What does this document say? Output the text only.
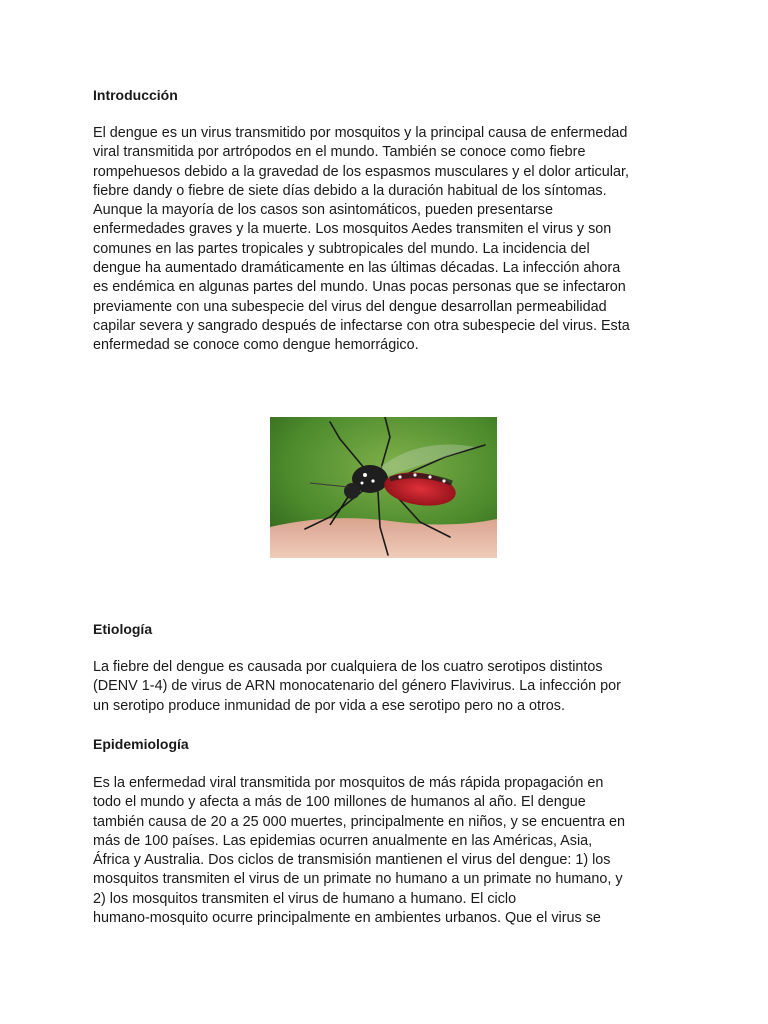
Introducción
El dengue es un virus transmitido por mosquitos y la principal causa de enfermedad
viral transmitida por artrópodos en el mundo. También se conoce como fiebre
rompehuesos debido a la gravedad de los espasmos musculares y el dolor articular,
fiebre dandy o fiebre de siete días debido a la duración habitual de los síntomas.
Aunque la mayoría de los casos son asintomáticos, pueden presentarse
enfermedades graves y la muerte. Los mosquitos Aedes transmiten el virus y son
comunes en las partes tropicales y subtropicales del mundo. La incidencia del
dengue ha aumentado dramáticamente en las últimas décadas. La infección ahora
es endémica en algunas partes del mundo. Unas pocas personas que se infectaron
previamente con una subespecie del virus del dengue desarrollan permeabilidad
capilar severa y sangrado después de infectarse con otra subespecie del virus. Esta
enfermedad se conoce como dengue hemorrágico.
Etiología
La fiebre del dengue es causada por cualquiera de los cuatro serotipos distintos
(DENV 1-4) de virus de ARN monocatenario del género Flavivirus. La infección por
un serotipo produce inmunidad de por vida a ese serotipo pero no a otros.
Epidemiología
Es la enfermedad viral transmitida por mosquitos de más rápida propagación en
todo el mundo y afecta a más de 100 millones de humanos al año. El dengue
también causa de 20 a 25 000 muertes, principalmente en niños, y se encuentra en
más de 100 países. Las epidemias ocurren anualmente en las Américas, Asia,
África y Australia. Dos ciclos de transmisión mantienen el virus del dengue: 1) los
mosquitos transmiten el virus de un primate no humano a un primate no humano, y
2) los mosquitos transmiten el virus de humano a humano. El ciclo
humano-mosquito ocurre principalmente en ambientes urbanos. Que el virus se
